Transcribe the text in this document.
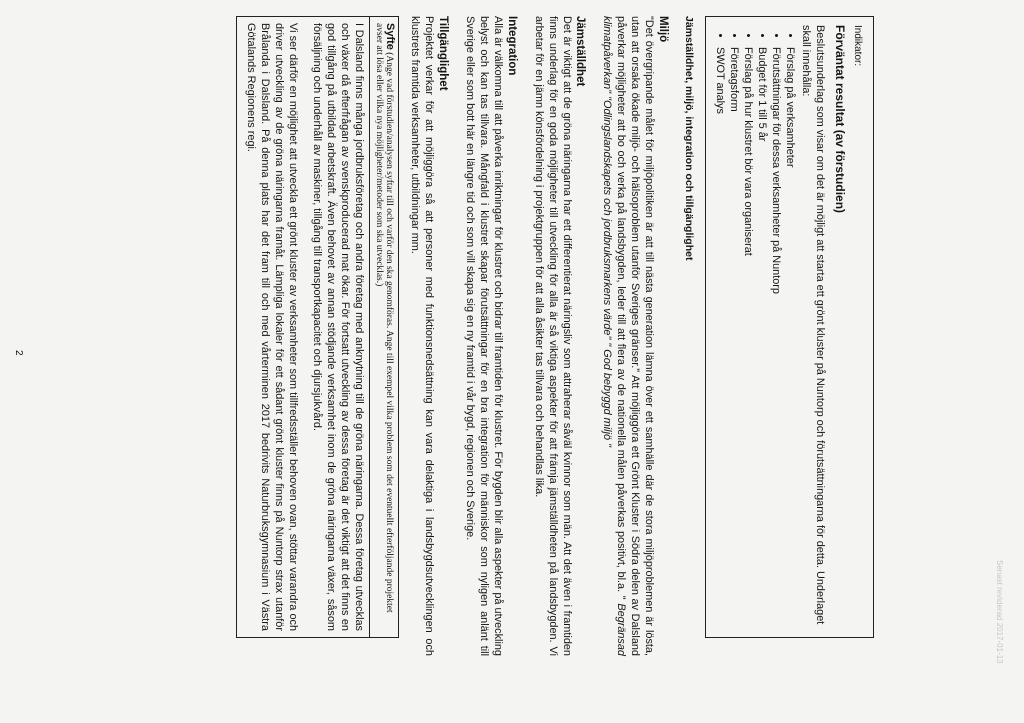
Indikator:
Förväntat resultat (av förstudien)

Beslutsunderlag som visar om det är möjligt att starta ett grönt kluster på Nuntorp och förutsättningarna för detta. Underlaget skall innehålla:

• Förslag på verksamheter
• Förutsättningar för dessa verksamheter på Nuntorp
• Budget för 1 till 5 år
• Förslag på hur klustret bör vara organiserat
• Företagsform
• SWOT analys
Jämställdhet, miljö, integration och tillgänglighet
Miljö

"Det övergripande målet för miljöpolitiken är att till nästa generation lämna över ett samhälle där de stora miljöproblemen är lösta, utan att orsaka ökade miljö- och hälsoproblem utanför Sveriges gränser." Att möjliggöra ett Grönt Kluster i Södra delen av Dalsland påverkar möjligheter att bo och verka på landsbygden, leder till att flera av de nationella målen påverkas positivt, bl.a. " Begränsad klimatpåverkan" "Odlingslandskapets och jordbruksmarkens värde" " God bebyggd miljö "

Jämställdhet

Det är viktigt att de gröna näringarna har ett differentierat näringsliv som attraherar såväl kvinnor som män. Att det även i framtiden finns underlag för en goda möjligheter till utveckling för alla är så viktiga aspekter för att främja jämställdheten på landsbygden. Vi arbetar för en jämn könsfördelning i projektgruppen för att alla åsikter tas tillvara och behandlas lika.

Integration

Alla är välkomna till att påverka inriktningar för klustret och bidrar till framtiden för klustret. För bygden blir alla aspekter på utveckling belyst och kan tas tillvara. Mångfald i klustret skapar förutsättningar för en bra integration för människor som nyligen anlänt till Sverige eller som bott här en längre tid och som vill skapa sig en ny framtid i vår bygd, regionen och Sverige.

Tillgänglighet

Projektet verkar för att möjliggöra så att personer med funktionsnedsättning kan vara delaktiga i landsbygdsutvecklingen och klustrets framtida verksamheter, utbildningar mm.

Syfte (Ange vad förstudien/analysen syftar till och varför den ska genomföras. Ange till exempel vilka problem som det eventuellt efterföljande projektet avser att lösa eller vilka nya möjligheter/metoder som ska utvecklas.)

I Dalsland finns många jordbruksföretag och andra företag med anknytning till de gröna näringarna. Dessa företag utvecklas och växer då efterfrågan av svenskproducerad mat ökar. För fortsatt utveckling av dessa företag är det viktigt att det finns en god tillgång på utbildad arbetskraft. Även behovet av annan stödjande verksamhet inom de gröna näringarna växer, såsom försäljning och underhåll av maskiner, tillgång till transportkapacitet och djursjukvård.

Vi ser därför en möjlighet att utveckla ett grönt kluster av verksamheter som tillfredsställer behoven ovan, stöttar varandra och driver utveckling av de gröna näringarna framåt. Lämpliga lokaler för ett sådant grönt kluster finns på Nuntorp strax utanför Brålanda i Dalsland. På denna plats har det fram till och med vårterminen 2017 bedrivits Naturbruksgymnasium i Västra Götalands Regionens regi.

2
Senast reviderad 2017-01-13
